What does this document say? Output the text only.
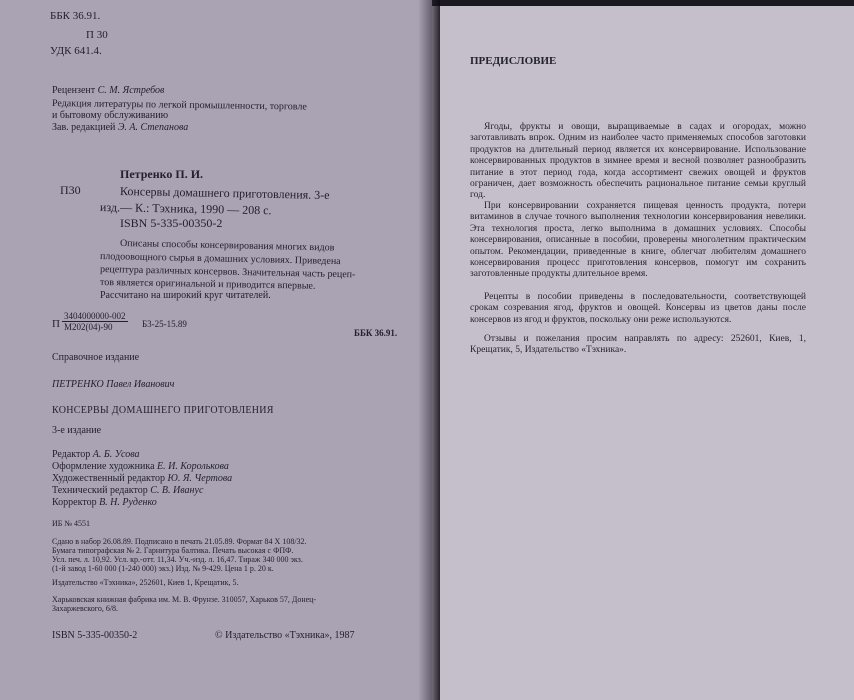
ББК 36.91.
П 30
УДК 641.4.
Рецензент С. М. Ястребов
Редакция литературы по легкой промышленности, торговле
и бытовому обслуживанию
Зав. редакцией Э. А. Степанова
Петренко П. И.
П30	Консервы домашнего приготовления. 3-е
изд.— К.: Тэхника, 1990 — 208 с.
ISBN 5-335-00350-2
Описаны способы консервирования многих видов
плодоовощного сырья в домашних условиях. Приведена
рецептура различных консервов. Значительная часть рецеп-
тов является оригинальной и приводится впервые.
Рассчитано на широкий круг читателей.
П
3404000000-002
М202(04)-90	Б3-25-15.89
ББК 36.91.
Справочное издание
ПЕТРЕНКО Павел Иванович
КОНСЕРВЫ ДОМАШНЕГО ПРИГОТОВЛЕНИЯ
3-е издание
Редактор А. Б. Усова
Оформление художника Е. И. Королькова
Художественный редактор Ю. Я. Чертова
Технический редактор С. В. Иванус
Корректор В. Н. Руденко
ИБ № 4551
Сдано в набор 26.08.89. Подписано в печать 21.05.89. Формат 84 Х 108/32.
Бумага типографская № 2. Гарнитура балтика. Печать высокая с ФПФ.
Усл. печ. л. 10,92. Усл. кр.-отт. 11,34. Уч.-изд. л. 16,47. Тираж 340 000 экз.
(1-й завод 1-60 000 (1-240 000) экз.) Изд. № 9-429. Цена 1 р. 20 к.
Издательство «Тэхника», 252601, Киев 1, Крещатик, 5.
Харьковская книжная фабрика им. М. В. Фрунзе. 310057, Харьков 57, Донец-
Захаржевского, 6/8.
ISBN 5-335-00350-2	© Издательство «Тэхника», 1987
ПРЕДИСЛОВИЕ
Ягоды, фрукты и овощи, выращиваемые в садах и огородах, можно заготавливать впрок. Одним из наиболее часто применяемых способов заготовки продуктов на длительный период является их консервирование. Использование консервированных продуктов в зимнее время и весной позволяет разнообразить питание в этот период года, когда ассортимент свежих овощей и фруктов ограничен, дает возможность обеспечить рациональное питание семьи круглый год.
При консервировании сохраняется пищевая ценность продукта, потери витаминов в случае точного выполнения технологии консервирования невелики. Эта технология проста, легко выполнима в домашних условиях. Способы консервирования, описанные в пособии, проверены многолетним практическим опытом. Рекомендации, приведенные в книге, облегчат любителям домашнего консервирования процесс приготовления консервов, помогут им сохранить заготовленные продукты длительное время.
Рецепты в пособии приведены в последовательности, соответствующей срокам созревания ягод, фруктов и овощей. Консервы из цветов даны после консервов из ягод и фруктов, поскольку они реже используются.
Отзывы и пожелания просим направлять по адресу: 252601, Киев, 1, Крещатик, 5, Издательство «Тэхника».
